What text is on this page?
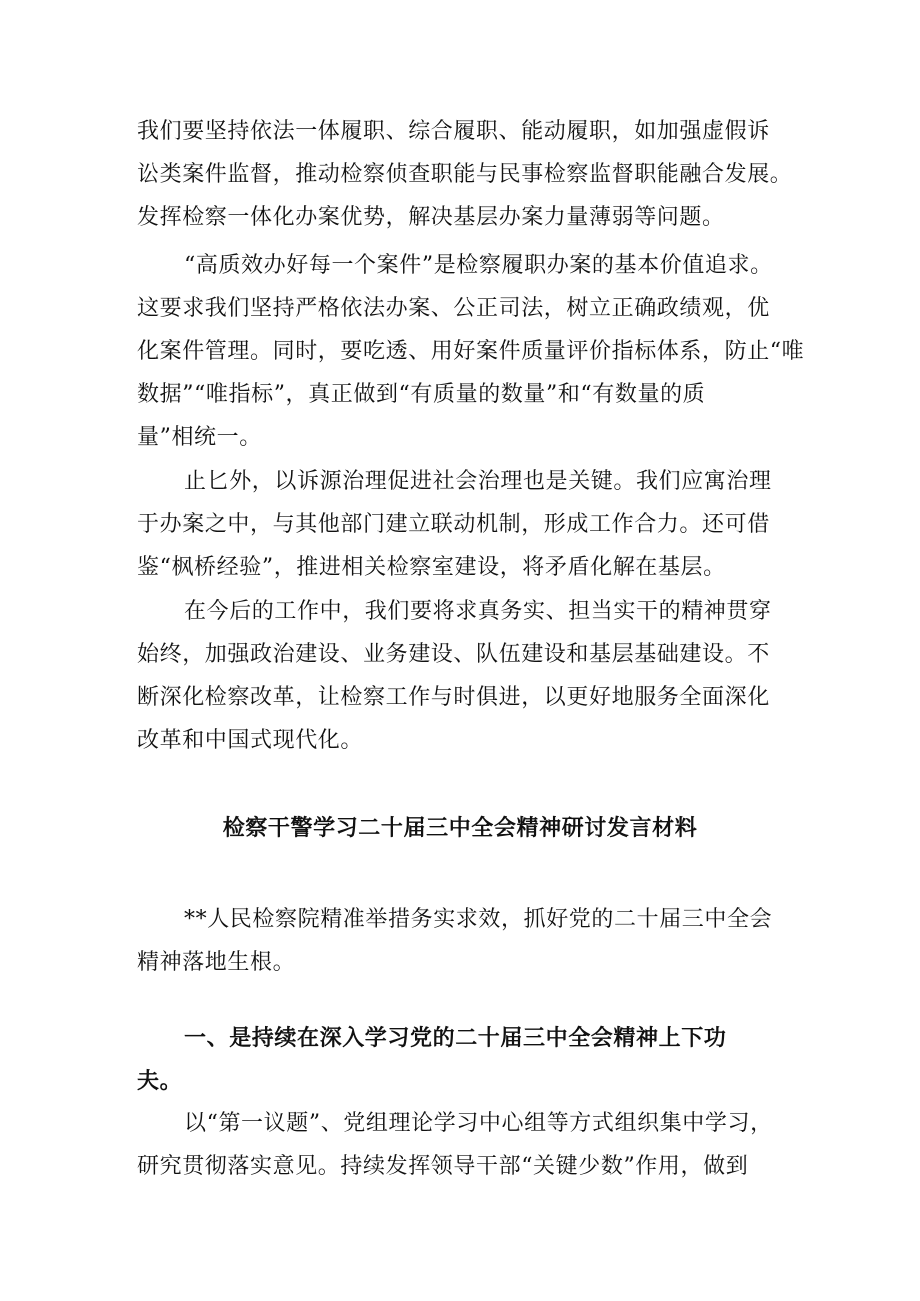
我们要坚持依法一体履职、综合履职、能动履职，如加强虚假诉
讼类案件监督，推动检察侦查职能与民事检察监督职能融合发展。
发挥检察一体化办案优势，解决基层办案力量薄弱等问题。
“高质效办好每一个案件”是检察履职办案的基本价值追求。
这要求我们坚持严格依法办案、公正司法，树立正确政绩观，优
化案件管理。同时，要吃透、用好案件质量评价指标体系，防止“唯
数据”“唯指标”，真正做到“有质量的数量”和“有数量的质
量”相统一。
止匕外，以诉源治理促进社会治理也是关键。我们应寓治理
于办案之中，与其他部门建立联动机制，形成工作合力。还可借
鉴“枫桥经验”，推进相关检察室建设，将矛盾化解在基层。
在今后的工作中，我们要将求真务实、担当实干的精神贯穿
始终，加强政治建设、业务建设、队伍建设和基层基础建设。不
断深化检察改革，让检察工作与时俱进，以更好地服务全面深化
改革和中国式现代化。
检察干警学习二十届三中全会精神研讨发言材料
**人民检察院精准举措务实求效，抓好党的二十届三中全会
精神落地生根。
一、是持续在深入学习党的二十届三中全会精神上下功
夫。
以“第一议题”、党组理论学习中心组等方式组织集中学习，
研究贯彻落实意见。持续发挥领导干部“关键少数”作用，做到
